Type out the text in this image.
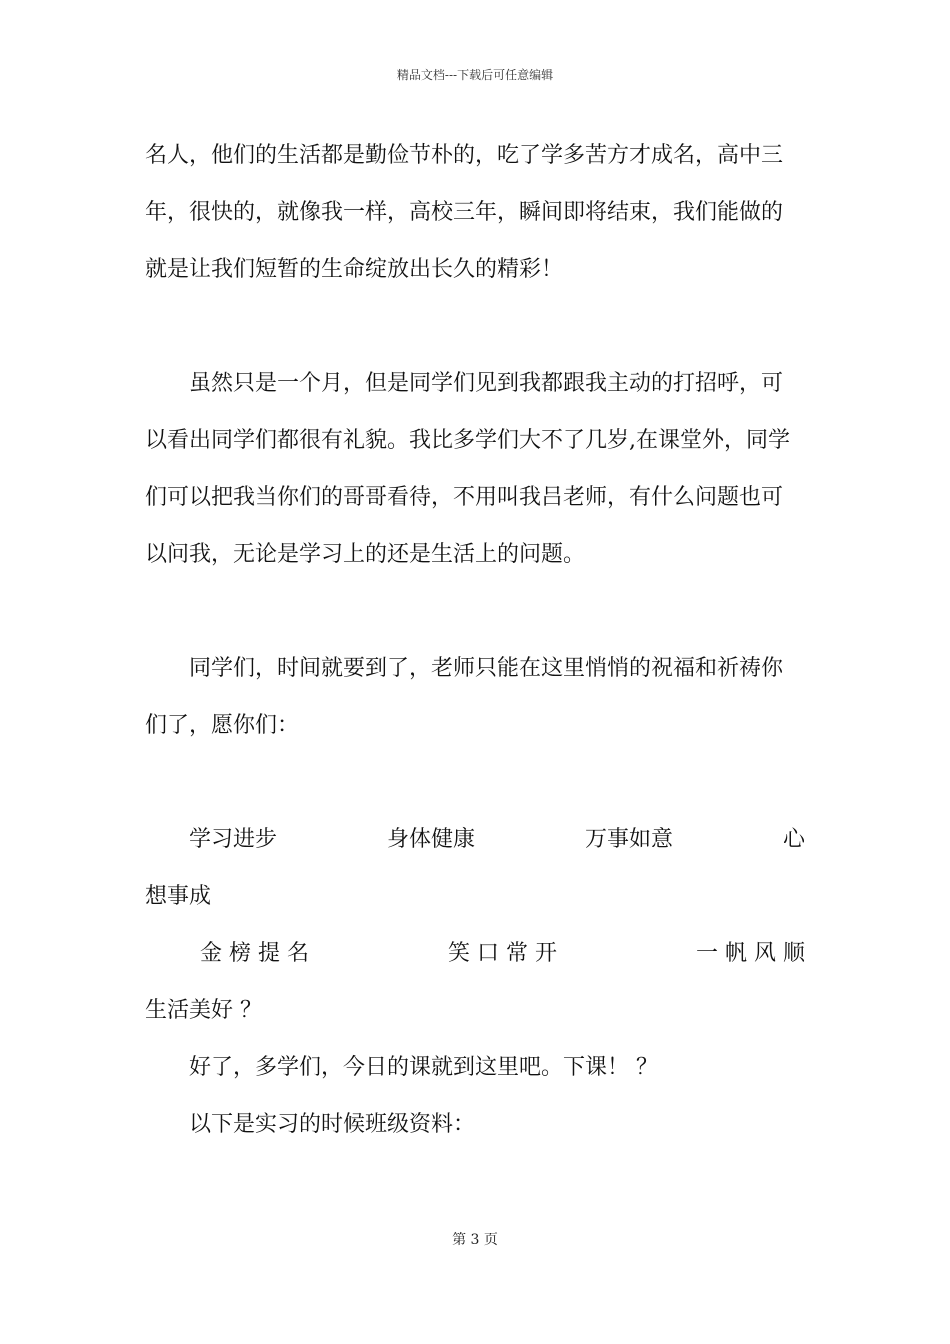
精品文档---下载后可任意编辑
名人，他们的生活都是勤俭节朴的，吃了学多苦方才成名，高中三
年，很快的，就像我一样，高校三年，瞬间即将结束，我们能做的
就是让我们短暂的生命绽放出长久的精彩！
虽然只是一个月，但是同学们见到我都跟我主动的打招呼，可
以看出同学们都很有礼貌。我比多学们大不了几岁,在课堂外，同学
们可以把我当你们的哥哥看待，不用叫我吕老师，有什么问题也可
以问我，无论是学习上的还是生活上的问题。
同学们，时间就要到了，老师只能在这里悄悄的祝福和祈祷你
们了，愿你们：
学习进步	身体健康	万事如意	心
想事成
金 榜 提 名	笑 口 常 开	一 帆 风 顺
生活美好 ？
好了，多学们，今日的课就到这里吧。下课！ ？
以下是实习的时候班级资料：
第 3 页
